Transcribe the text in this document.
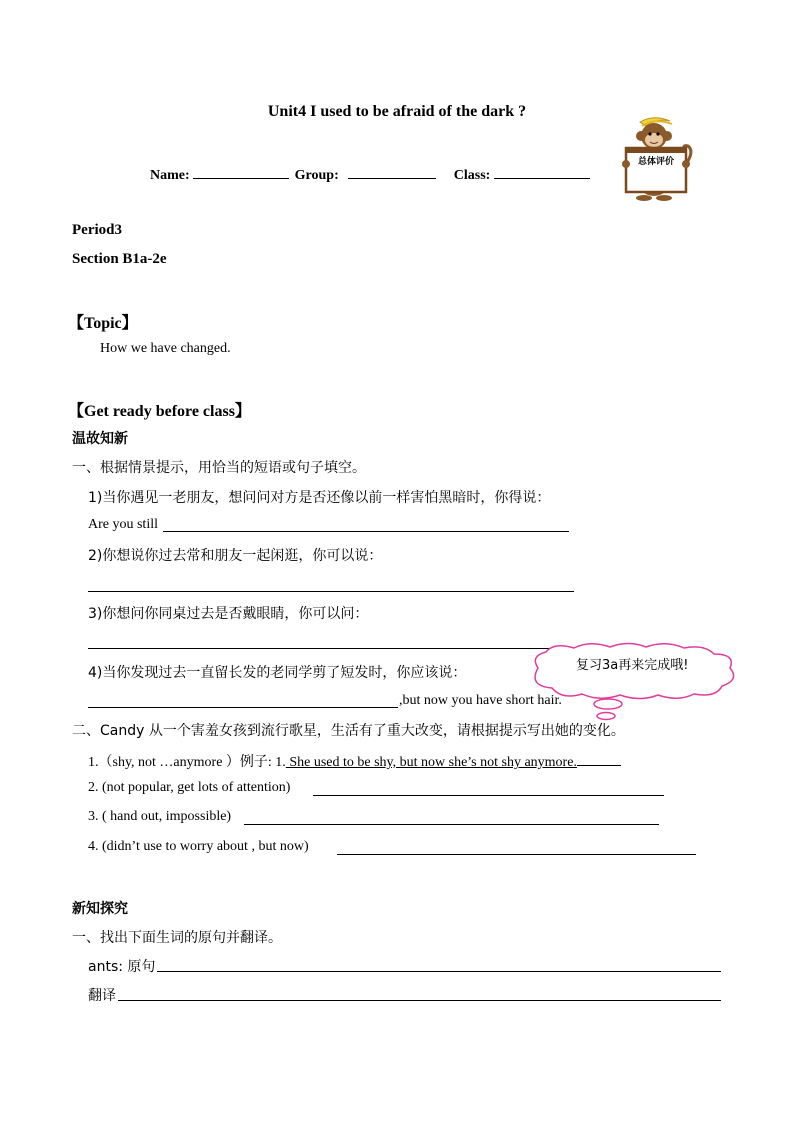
Unit4 I used to be afraid of the dark ?
Name:	Group:	Class:
总体评价
Period3
Section B1a-2e
【Topic】
How we have changed.
【Get ready before class】
温故知新
一、根据情景提示，用恰当的短语或句子填空。
1)当你遇见一老朋友，想问问对方是否还像以前一样害怕黑暗时，你得说：
Are you still
2)你想说你过去常和朋友一起闲逛，你可以说：
3)你想问你同桌过去是否戴眼睛，你可以问：
4)当你发现过去一直留长发的老同学剪了短发时，你应该说：
,but now you have short hair.
复习3a再来完成哦!
二、Candy 从一个害羞女孩到流行歌星，生活有了重大改变，请根据提示写出她的变化。
1.（shy, not …anymore ）例子: 1. She used to be shy, but now she’s not shy anymore.
2. (not popular, get lots of attention)
3. ( hand out, impossible)
4. (didn’t use to worry about , but now)
新知探究
一、找出下面生词的原句并翻译。
ants: 原句
翻译
